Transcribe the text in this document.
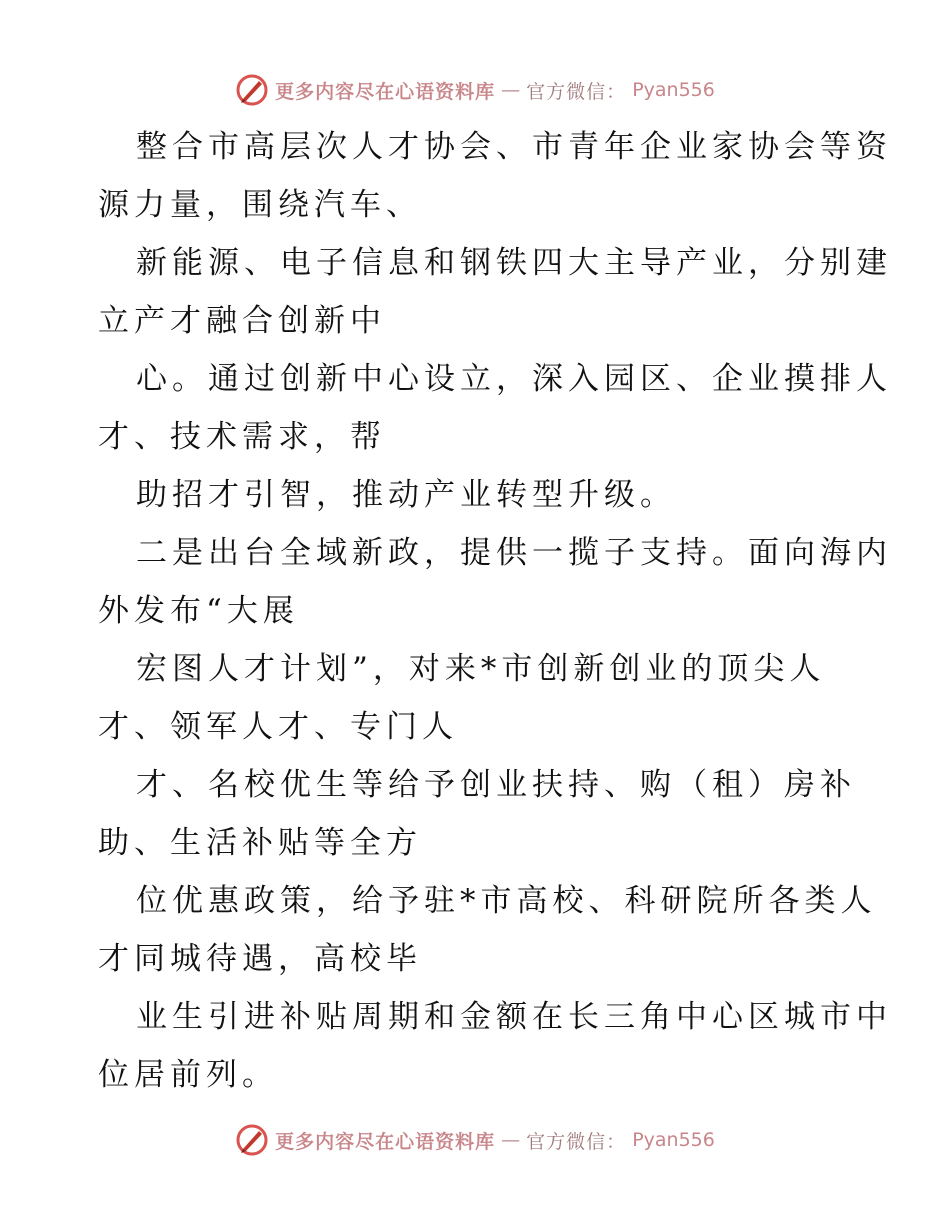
更多内容尽在心语资料库 — 官方微信： Pyan556
整合市高层次人才协会、市青年企业家协会等资
源力量，围绕汽车、
新能源、电子信息和钢铁四大主导产业，分别建
立产才融合创新中
心。通过创新中心设立，深入园区、企业摸排人
才、技术需求，帮
助招才引智，推动产业转型升级。
二是出台全域新政，提供一揽子支持。面向海内
外发布“大展
宏图人才计划”，对来*市创新创业的顶尖人
才、领军人才、专门人
才、名校优生等给予创业扶持、购（租）房补
助、生活补贴等全方
位优惠政策，给予驻*市高校、科研院所各类人
才同城待遇，高校毕
业生引进补贴周期和金额在长三角中心区城市中
位居前列。
更多内容尽在心语资料库 — 官方微信： Pyan556
